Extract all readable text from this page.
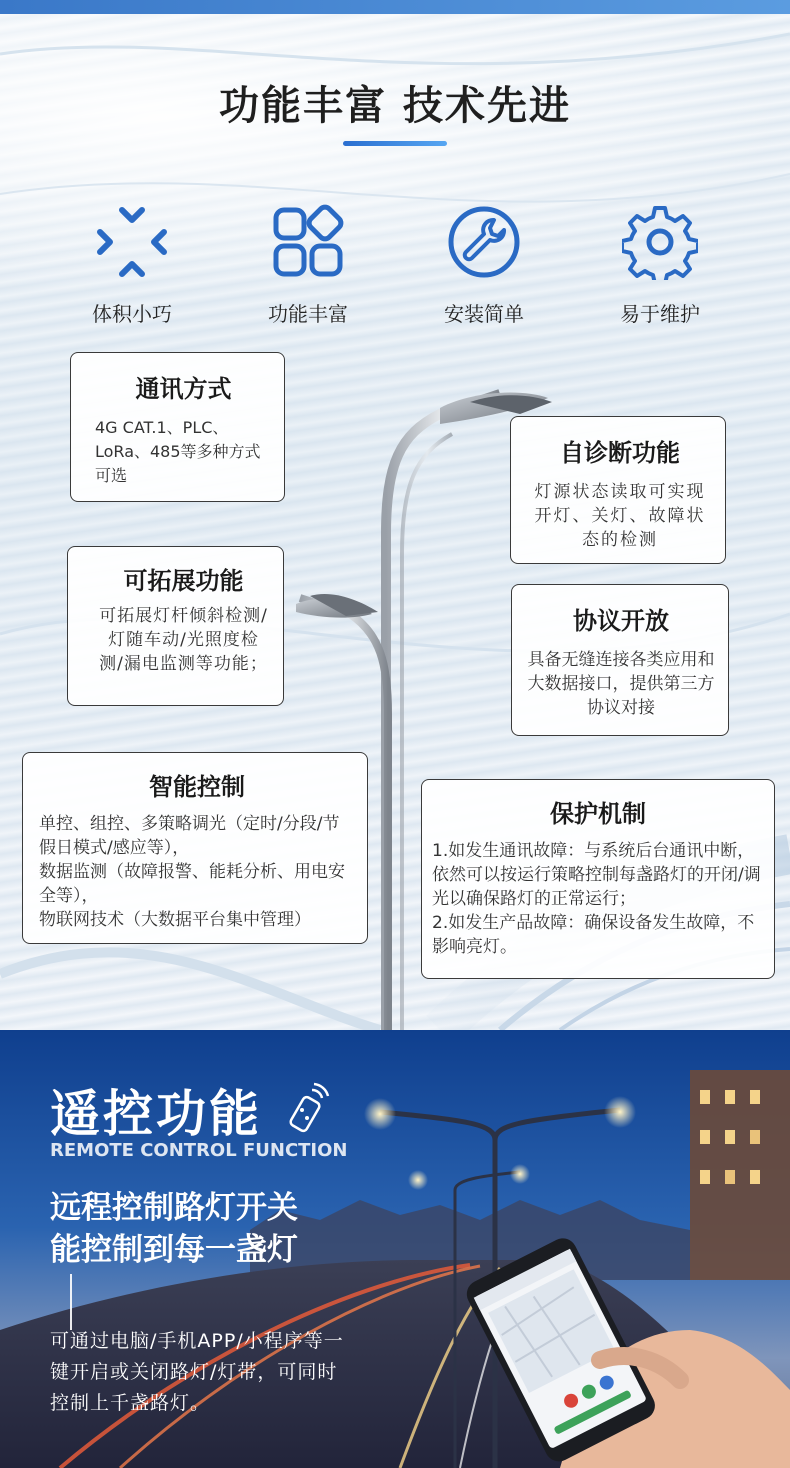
功能丰富 技术先进
体积小巧	功能丰富	安装简单	易于维护
通讯方式

4G CAT.1、PLC、LoRa、485等多种方式可选

自诊断功能

灯源状态读取可实现开灯、关灯、故障状态的检测

可拓展功能

可拓展灯杆倾斜检测/灯随车动/光照度检测/漏电监测等功能；

协议开放

具备无缝连接各类应用和大数据接口，提供第三方协议对接

智能控制

单控、组控、多策略调光（定时/分段/节假日模式/感应等），

数据监测（故障报警、能耗分析、用电安全等），

物联网技术（大数据平台集中管理）

保护机制

1.如发生通讯故障：与系统后台通讯中断，依然可以按运行策略控制每盏路灯的开闭/调光以确保路灯的正常运行；

2.如发生产品故障：确保设备发生故障，不影响亮灯。

遥控功能
REMOTE CONTROL FUNCTION
远程控制路灯开关
能控制到每一盏灯
可通过电脑/手机APP/小程序等一键开启或关闭路灯/灯带，可同时控制上千盏路灯。
